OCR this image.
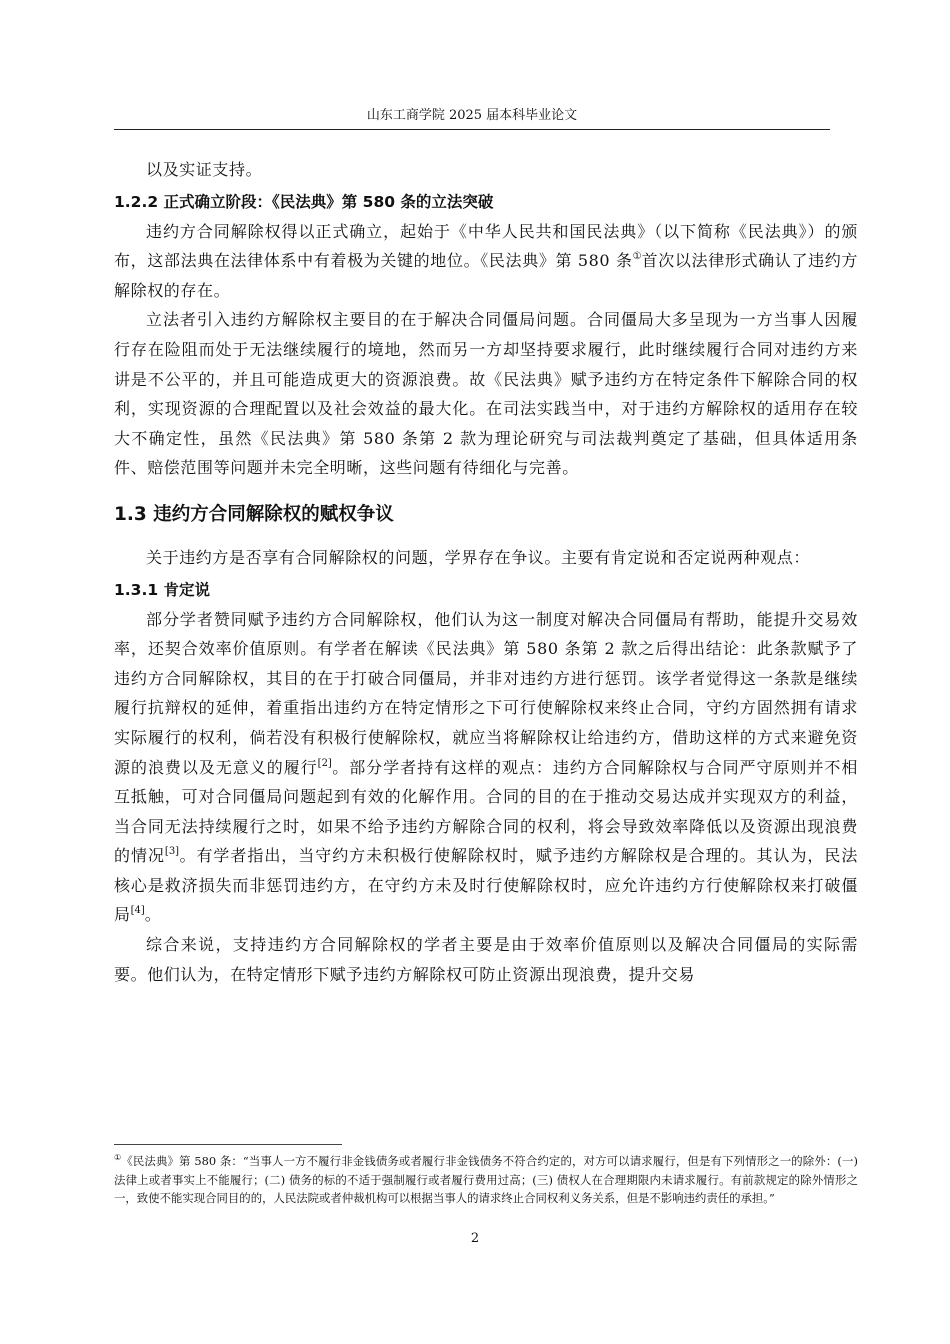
山东工商学院 2025 届本科毕业论文

以及实证支持。

1.2.2 正式确立阶段：《民法典》第 580 条的立法突破

违约方合同解除权得以正式确立，起始于《中华人民共和国民法典》（以下简称《民法典》）的颁布，这部法典在法律体系中有着极为关键的地位。《民法典》第 580 条①首次以法律形式确认了违约方解除权的存在。

立法者引入违约方解除权主要目的在于解决合同僵局问题。合同僵局大多呈现为一方当事人因履行存在险阻而处于无法继续履行的境地，然而另一方却坚持要求履行，此时继续履行合同对违约方来讲是不公平的，并且可能造成更大的资源浪费。故《民法典》赋予违约方在特定条件下解除合同的权利，实现资源的合理配置以及社会效益的最大化。在司法实践当中，对于违约方解除权的适用存在较大不确定性，虽然《民法典》第 580 条第 2 款为理论研究与司法裁判奠定了基础，但具体适用条件、赔偿范围等问题并未完全明晰，这些问题有待细化与完善。

1.3 违约方合同解除权的赋权争议

关于违约方是否享有合同解除权的问题，学界存在争议。主要有肯定说和否定说两种观点：

1.3.1 肯定说

部分学者赞同赋予违约方合同解除权，他们认为这一制度对解决合同僵局有帮助，能提升交易效率，还契合效率价值原则。有学者在解读《民法典》第 580 条第 2 款之后得出结论：此条款赋予了违约方合同解除权，其目的在于打破合同僵局，并非对违约方进行惩罚。该学者觉得这一条款是继续履行抗辩权的延伸，着重指出违约方在特定情形之下可行使解除权来终止合同，守约方固然拥有请求实际履行的权利，倘若没有积极行使解除权，就应当将解除权让给违约方，借助这样的方式来避免资源的浪费以及无意义的履行[2]。部分学者持有这样的观点：违约方合同解除权与合同严守原则并不相互抵触，可对合同僵局问题起到有效的化解作用。合同的目的在于推动交易达成并实现双方的利益，当合同无法持续履行之时，如果不给予违约方解除合同的权利，将会导致效率降低以及资源出现浪费的情况[3]。有学者指出，当守约方未积极行使解除权时，赋予违约方解除权是合理的。其认为，民法核心是救济损失而非惩罚违约方，在守约方未及时行使解除权时，应允许违约方行使解除权来打破僵局[4]。

综合来说，支持违约方合同解除权的学者主要是由于效率价值原则以及解决合同僵局的实际需要。他们认为，在特定情形下赋予违约方解除权可防止资源出现浪费，提升交易

①《民法典》第 580 条：“当事人一方不履行非金钱债务或者履行非金钱债务不符合约定的，对方可以请求履行，但是有下列情形之一的除外：(一) 法律上或者事实上不能履行；(二) 债务的标的不适于强制履行或者履行费用过高；(三) 债权人在合理期限内未请求履行。有前款规定的除外情形之一，致使不能实现合同目的的，人民法院或者仲裁机构可以根据当事人的请求终止合同权利义务关系，但是不影响违约责任的承担。”
2
